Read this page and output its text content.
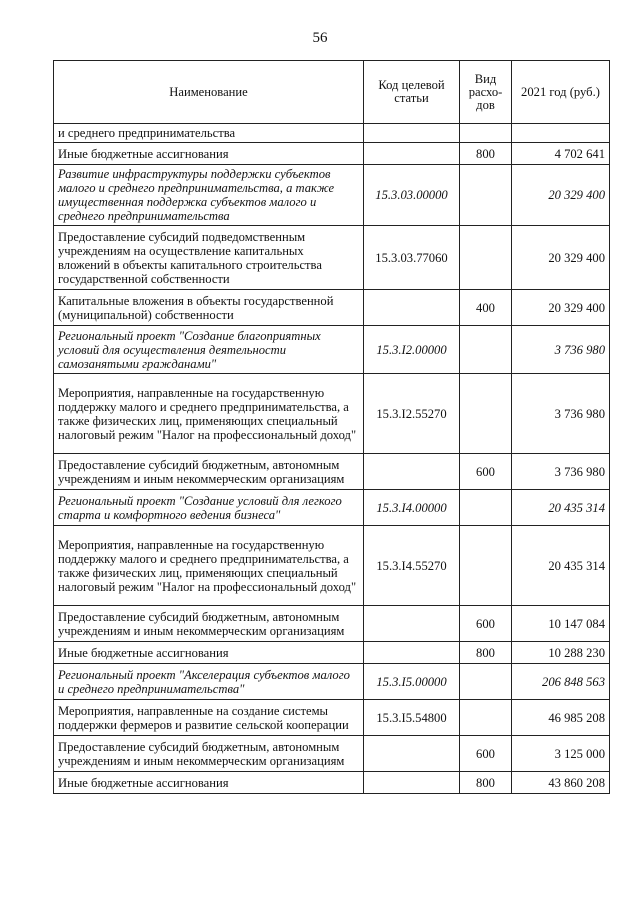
56
Наименование	Код целевой статьи	Вид расхо-дов	2021 год (руб.)
и среднего предпринимательства			
Иные бюджетные ассигнования		800	4 702 641
Развитие инфраструктуры поддержки субъектов малого и среднего предпринимательства, а также имущественная поддержка субъектов малого и среднего предпринимательства	15.3.03.00000		20 329 400
Предоставление субсидий подведомственным учреждениям на осуществление капитальных вложений в объекты капитального строительства государственной собственности	15.3.03.77060		20 329 400
Капитальные вложения в объекты государственной (муниципальной) собственности		400	20 329 400
Региональный проект "Создание благоприятных условий для осуществления деятельности самозанятыми гражданами"	15.3.I2.00000		3 736 980
Мероприятия, направленные на государственную поддержку малого и среднего предпринимательства, а также физических лиц, применяющих специальный налоговый режим "Налог на профессиональный доход"	15.3.I2.55270		3 736 980
Предоставление субсидий бюджетным, автономным учреждениям и иным некоммерческим организациям		600	3 736 980
Региональный проект "Создание условий для легкого старта и комфортного ведения бизнеса"	15.3.I4.00000		20 435 314
Мероприятия, направленные на государственную поддержку малого и среднего предпринимательства, а также физических лиц, применяющих специальный налоговый режим "Налог на профессиональный доход"	15.3.I4.55270		20 435 314
Предоставление субсидий бюджетным, автономным учреждениям и иным некоммерческим организациям		600	10 147 084
Иные бюджетные ассигнования		800	10 288 230
Региональный проект "Акселерация субъектов малого и среднего предпринимательства"	15.3.I5.00000		206 848 563
Мероприятия, направленные на создание системы поддержки фермеров и развитие сельской кооперации	15.3.I5.54800		46 985 208
Предоставление субсидий бюджетным, автономным учреждениям и иным некоммерческим организациям		600	3 125 000
Иные бюджетные ассигнования		800	43 860 208
